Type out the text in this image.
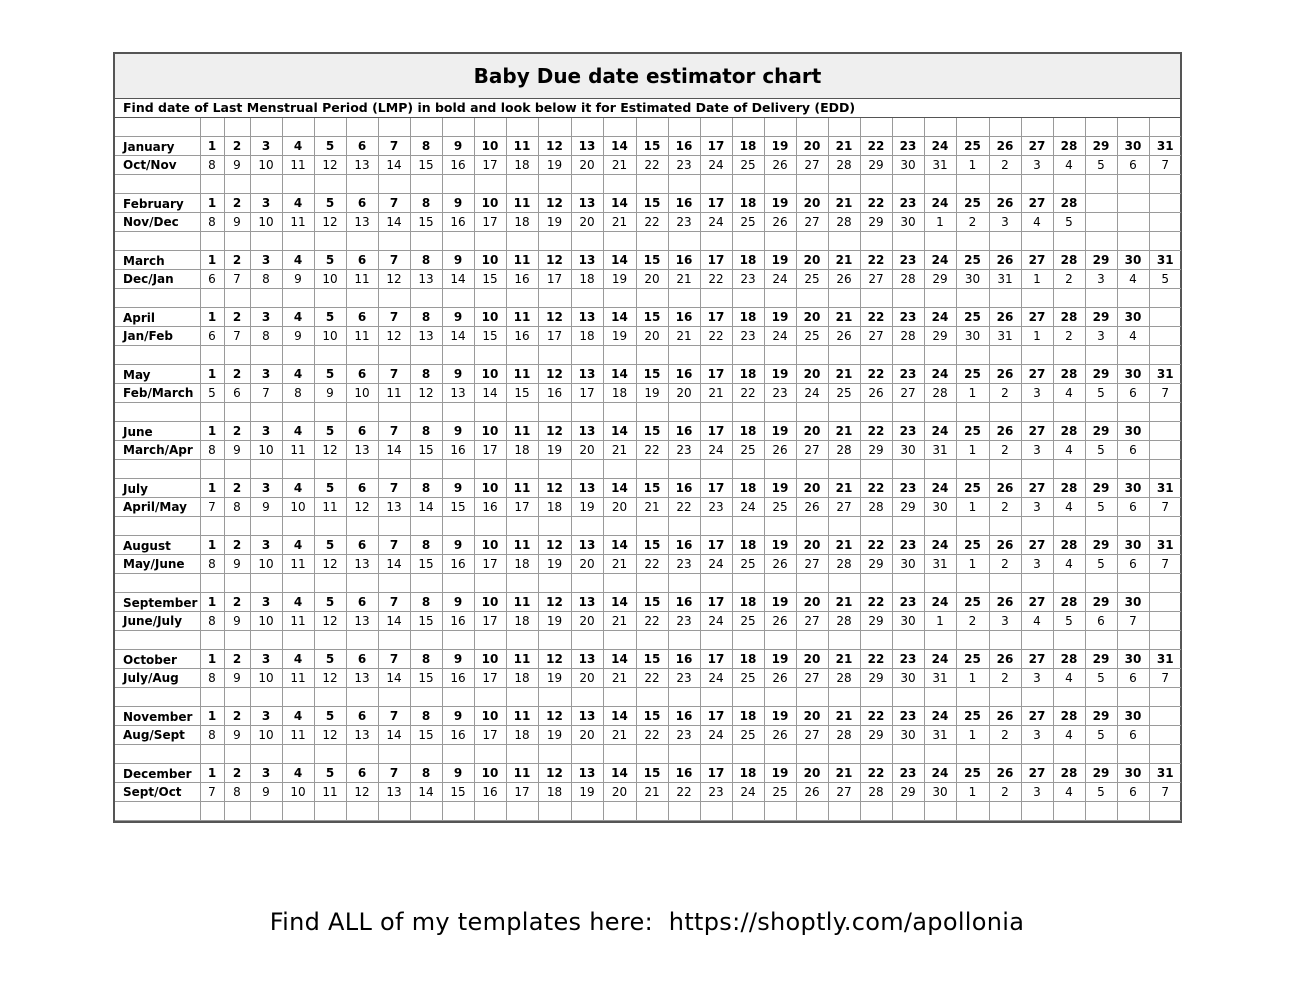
Baby Due date estimator chart
Find date of Last Menstrual Period (LMP) in bold and look below it for Estimated Date of Delivery (EDD)

January	1	2	3	4	5	6	7	8	9	10	11	12	13	14	15	16	17	18	19	20	21	22	23	24	25	26	27	28	29	30	31
Oct/Nov	8	9	10	11	12	13	14	15	16	17	18	19	20	21	22	23	24	25	26	27	28	29	30	31	1	2	3	4	5	6	7

February	1	2	3	4	5	6	7	8	9	10	11	12	13	14	15	16	17	18	19	20	21	22	23	24	25	26	27	28			
Nov/Dec	8	9	10	11	12	13	14	15	16	17	18	19	20	21	22	23	24	25	26	27	28	29	30	1	2	3	4	5			

March	1	2	3	4	5	6	7	8	9	10	11	12	13	14	15	16	17	18	19	20	21	22	23	24	25	26	27	28	29	30	31
Dec/Jan	6	7	8	9	10	11	12	13	14	15	16	17	18	19	20	21	22	23	24	25	26	27	28	29	30	31	1	2	3	4	5

April	1	2	3	4	5	6	7	8	9	10	11	12	13	14	15	16	17	18	19	20	21	22	23	24	25	26	27	28	29	30	
Jan/Feb	6	7	8	9	10	11	12	13	14	15	16	17	18	19	20	21	22	23	24	25	26	27	28	29	30	31	1	2	3	4	

May	1	2	3	4	5	6	7	8	9	10	11	12	13	14	15	16	17	18	19	20	21	22	23	24	25	26	27	28	29	30	31
Feb/March	5	6	7	8	9	10	11	12	13	14	15	16	17	18	19	20	21	22	23	24	25	26	27	28	1	2	3	4	5	6	7

June	1	2	3	4	5	6	7	8	9	10	11	12	13	14	15	16	17	18	19	20	21	22	23	24	25	26	27	28	29	30	
March/Apr	8	9	10	11	12	13	14	15	16	17	18	19	20	21	22	23	24	25	26	27	28	29	30	31	1	2	3	4	5	6	

July	1	2	3	4	5	6	7	8	9	10	11	12	13	14	15	16	17	18	19	20	21	22	23	24	25	26	27	28	29	30	31
April/May	7	8	9	10	11	12	13	14	15	16	17	18	19	20	21	22	23	24	25	26	27	28	29	30	1	2	3	4	5	6	7

August	1	2	3	4	5	6	7	8	9	10	11	12	13	14	15	16	17	18	19	20	21	22	23	24	25	26	27	28	29	30	31
May/June	8	9	10	11	12	13	14	15	16	17	18	19	20	21	22	23	24	25	26	27	28	29	30	31	1	2	3	4	5	6	7

September	1	2	3	4	5	6	7	8	9	10	11	12	13	14	15	16	17	18	19	20	21	22	23	24	25	26	27	28	29	30	
June/July	8	9	10	11	12	13	14	15	16	17	18	19	20	21	22	23	24	25	26	27	28	29	30	1	2	3	4	5	6	7	

October	1	2	3	4	5	6	7	8	9	10	11	12	13	14	15	16	17	18	19	20	21	22	23	24	25	26	27	28	29	30	31
July/Aug	8	9	10	11	12	13	14	15	16	17	18	19	20	21	22	23	24	25	26	27	28	29	30	31	1	2	3	4	5	6	7

November	1	2	3	4	5	6	7	8	9	10	11	12	13	14	15	16	17	18	19	20	21	22	23	24	25	26	27	28	29	30	
Aug/Sept	8	9	10	11	12	13	14	15	16	17	18	19	20	21	22	23	24	25	26	27	28	29	30	31	1	2	3	4	5	6	

December	1	2	3	4	5	6	7	8	9	10	11	12	13	14	15	16	17	18	19	20	21	22	23	24	25	26	27	28	29	30	31
Sept/Oct	7	8	9	10	11	12	13	14	15	16	17	18	19	20	21	22	23	24	25	26	27	28	29	30	1	2	3	4	5	6	7

Find ALL of my templates here:  https://shoptly.com/apollonia
